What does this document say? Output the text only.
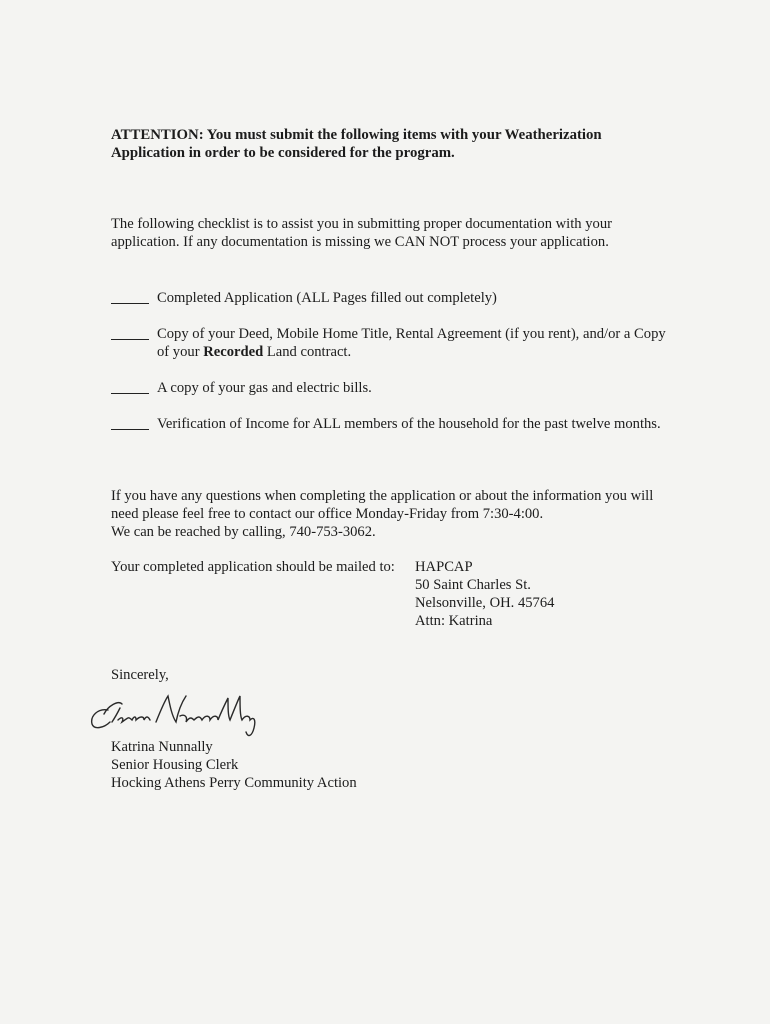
ATTENTION: You must submit the following items with your Weatherization Application in order to be considered for the program.

The following checklist is to assist you in submitting proper documentation with your application. If any documentation is missing we CAN NOT process your application.

Completed Application (ALL Pages filled out completely)
Copy of your Deed, Mobile Home Title, Rental Agreement (if you rent), and/or a Copy of your Recorded Land contract.
A copy of your gas and electric bills.
Verification of Income for ALL members of the household for the past twelve months.
If you have any questions when completing the application or about the information you will need please feel free to contact our office Monday-Friday from 7:30-4:00.
We can be reached by calling, 740-753-3062.

Your completed application should be mailed to:	HAPCAP
50 Saint Charles St.
Nelsonville, OH. 45764
Attn: Katrina

Sincerely,

Katrina Nunnally
Senior Housing Clerk
Hocking Athens Perry Community Action
